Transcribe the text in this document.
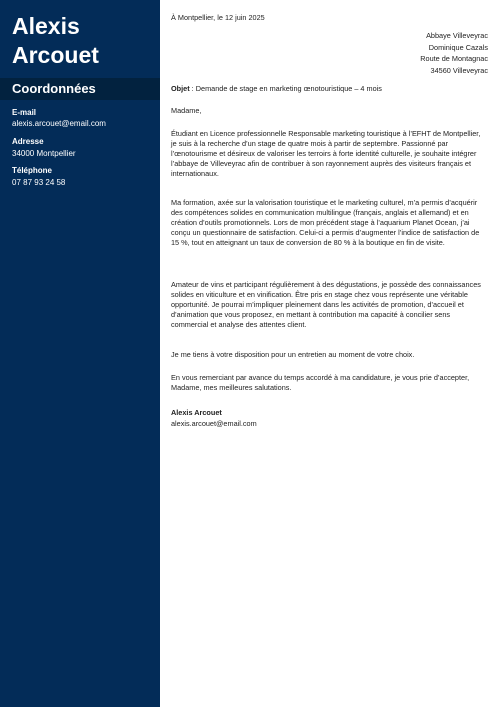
Alexis
Arcouet
Coordonnées
E-mail
alexis.arcouet@email.com
Adresse
34000 Montpellier
Téléphone
07 87 93 24 58
À Montpellier, le 12 juin 2025
Abbaye Villeveyrac
Dominique Cazals
Route de Montagnac
34560 Villeveyrac
Objet : Demande de stage en marketing œnotouristique – 4 mois

Madame,

Étudiant en Licence professionnelle Responsable marketing touristique à l’EFHT de Montpellier, je suis à la recherche d’un stage de quatre mois à partir de septembre. Passionné par l’œnotourisme et désireux de valoriser les terroirs à forte identité culturelle, je souhaite intégrer l’abbaye de Villeveyrac afin de contribuer à son rayonnement auprès des visiteurs français et internationaux.

Ma formation, axée sur la valorisation touristique et le marketing culturel, m’a permis d’acquérir des compétences solides en communication multilingue (français, anglais et allemand) et en création d’outils promotionnels. Lors de mon précédent stage à l’aquarium Planet Ocean, j’ai conçu un questionnaire de satisfaction. Celui-ci a permis d’augmenter l’indice de satisfaction de 15 %, tout en atteignant un taux de conversion de 80 % à la boutique en fin de visite.

Amateur de vins et participant régulièrement à des dégustations, je possède des connaissances solides en viticulture et en vinification. Être pris en stage chez vous représente une véritable opportunité. Je pourrai m’impliquer pleinement dans les activités de promotion, d’accueil et d’animation que vous proposez, en mettant à contribution ma capacité à concilier sens commercial et analyse des attentes client.

Je me tiens à votre disposition pour un entretien au moment de votre choix.

En vous remerciant par avance du temps accordé à ma candidature, je vous prie d’accepter, Madame, mes meilleures salutations.

Alexis Arcouet
alexis.arcouet@email.com
